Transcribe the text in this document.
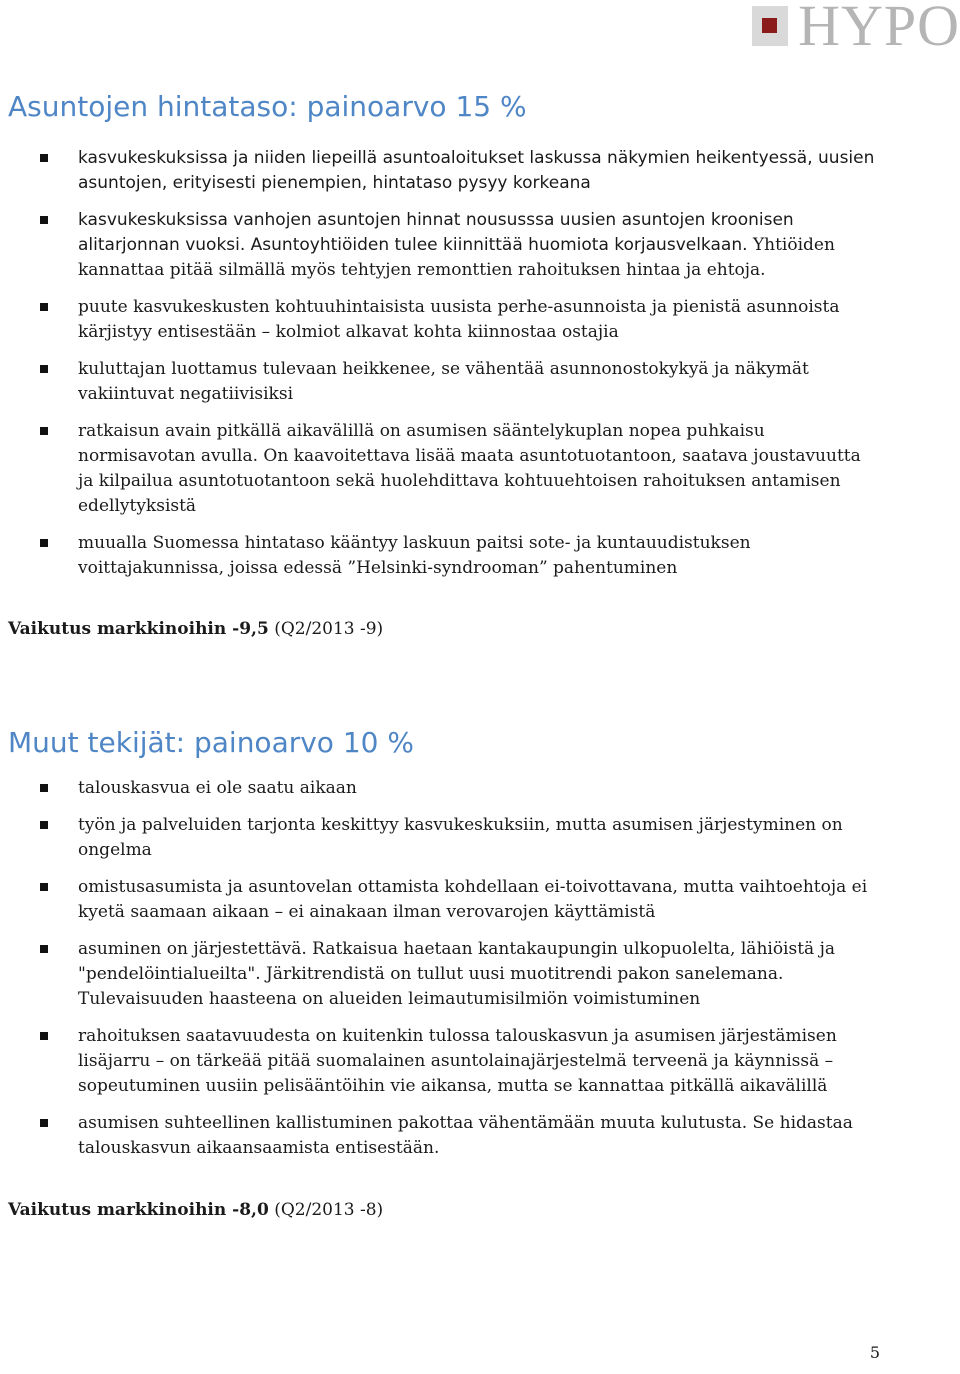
HYPO
Asuntojen hintataso: painoarvo 15 %
kasvukeskuksissa ja niiden liepeillä asuntoaloitukset laskussa näkymien heikentyessä, uusien asuntojen, erityisesti pienempien, hintataso pysyy korkeana
kasvukeskuksissa vanhojen asuntojen hinnat noususssa uusien asuntojen kroonisen alitarjonnan vuoksi. Asuntoyhtiöiden tulee kiinnittää huomiota korjausvelkaan. Yhtiöiden kannattaa pitää silmällä myös tehtyjen remonttien rahoituksen hintaa ja ehtoja.
puute kasvukeskusten kohtuuhintaisista uusista perhe-asunnoista ja pienistä asunnoista kärjistyy entisestään – kolmiot alkavat kohta kiinnostaa ostajia
kuluttajan luottamus tulevaan heikkenee, se vähentää asunnonostokykyä ja näkymät vakiintuvat negatiivisiksi
ratkaisun avain pitkällä aikavälillä on asumisen sääntelykuplan nopea puhkaisu normisavotan avulla. On kaavoitettava lisää maata asuntotuotantoon, saatava joustavuutta ja kilpailua asuntotuotantoon sekä huolehdittava kohtuuehtoisen rahoituksen antamisen edellytyksistä
muualla Suomessa hintataso kääntyy laskuun paitsi sote- ja kuntauudistuksen voittajakunnissa, joissa edessä ”Helsinki-syndrooman” pahentuminen

Vaikutus markkinoihin -9,5 (Q2/2013 -9)

Muut tekijät: painoarvo 10 %
talouskasvua ei ole saatu aikaan
työn ja palveluiden tarjonta keskittyy kasvukeskuksiin, mutta asumisen järjestyminen on ongelma
omistusasumista ja asuntovelan ottamista kohdellaan ei-toivottavana, mutta vaihtoehtoja ei kyetä saamaan aikaan – ei ainakaan ilman verovarojen käyttämistä
asuminen on järjestettävä. Ratkaisua haetaan kantakaupungin ulkopuolelta, lähiöistä ja "pendelöintialueilta". Järkitrendistä on tullut uusi muotitrendi pakon sanelemana. Tulevaisuuden haasteena on alueiden leimautumisilmiön voimistuminen
rahoituksen saatavuudesta on kuitenkin tulossa talouskasvun ja asumisen järjestämisen lisäjarru – on tärkeää pitää suomalainen asuntolainajärjestelmä terveenä ja käynnissä – sopeutuminen uusiin pelisääntöihin vie aikansa, mutta se kannattaa pitkällä aikavälillä
asumisen suhteellinen kallistuminen pakottaa vähentämään muuta kulutusta. Se hidastaa talouskasvun aikaansaamista entisestään.

Vaikutus markkinoihin -8,0 (Q2/2013 -8)

5
